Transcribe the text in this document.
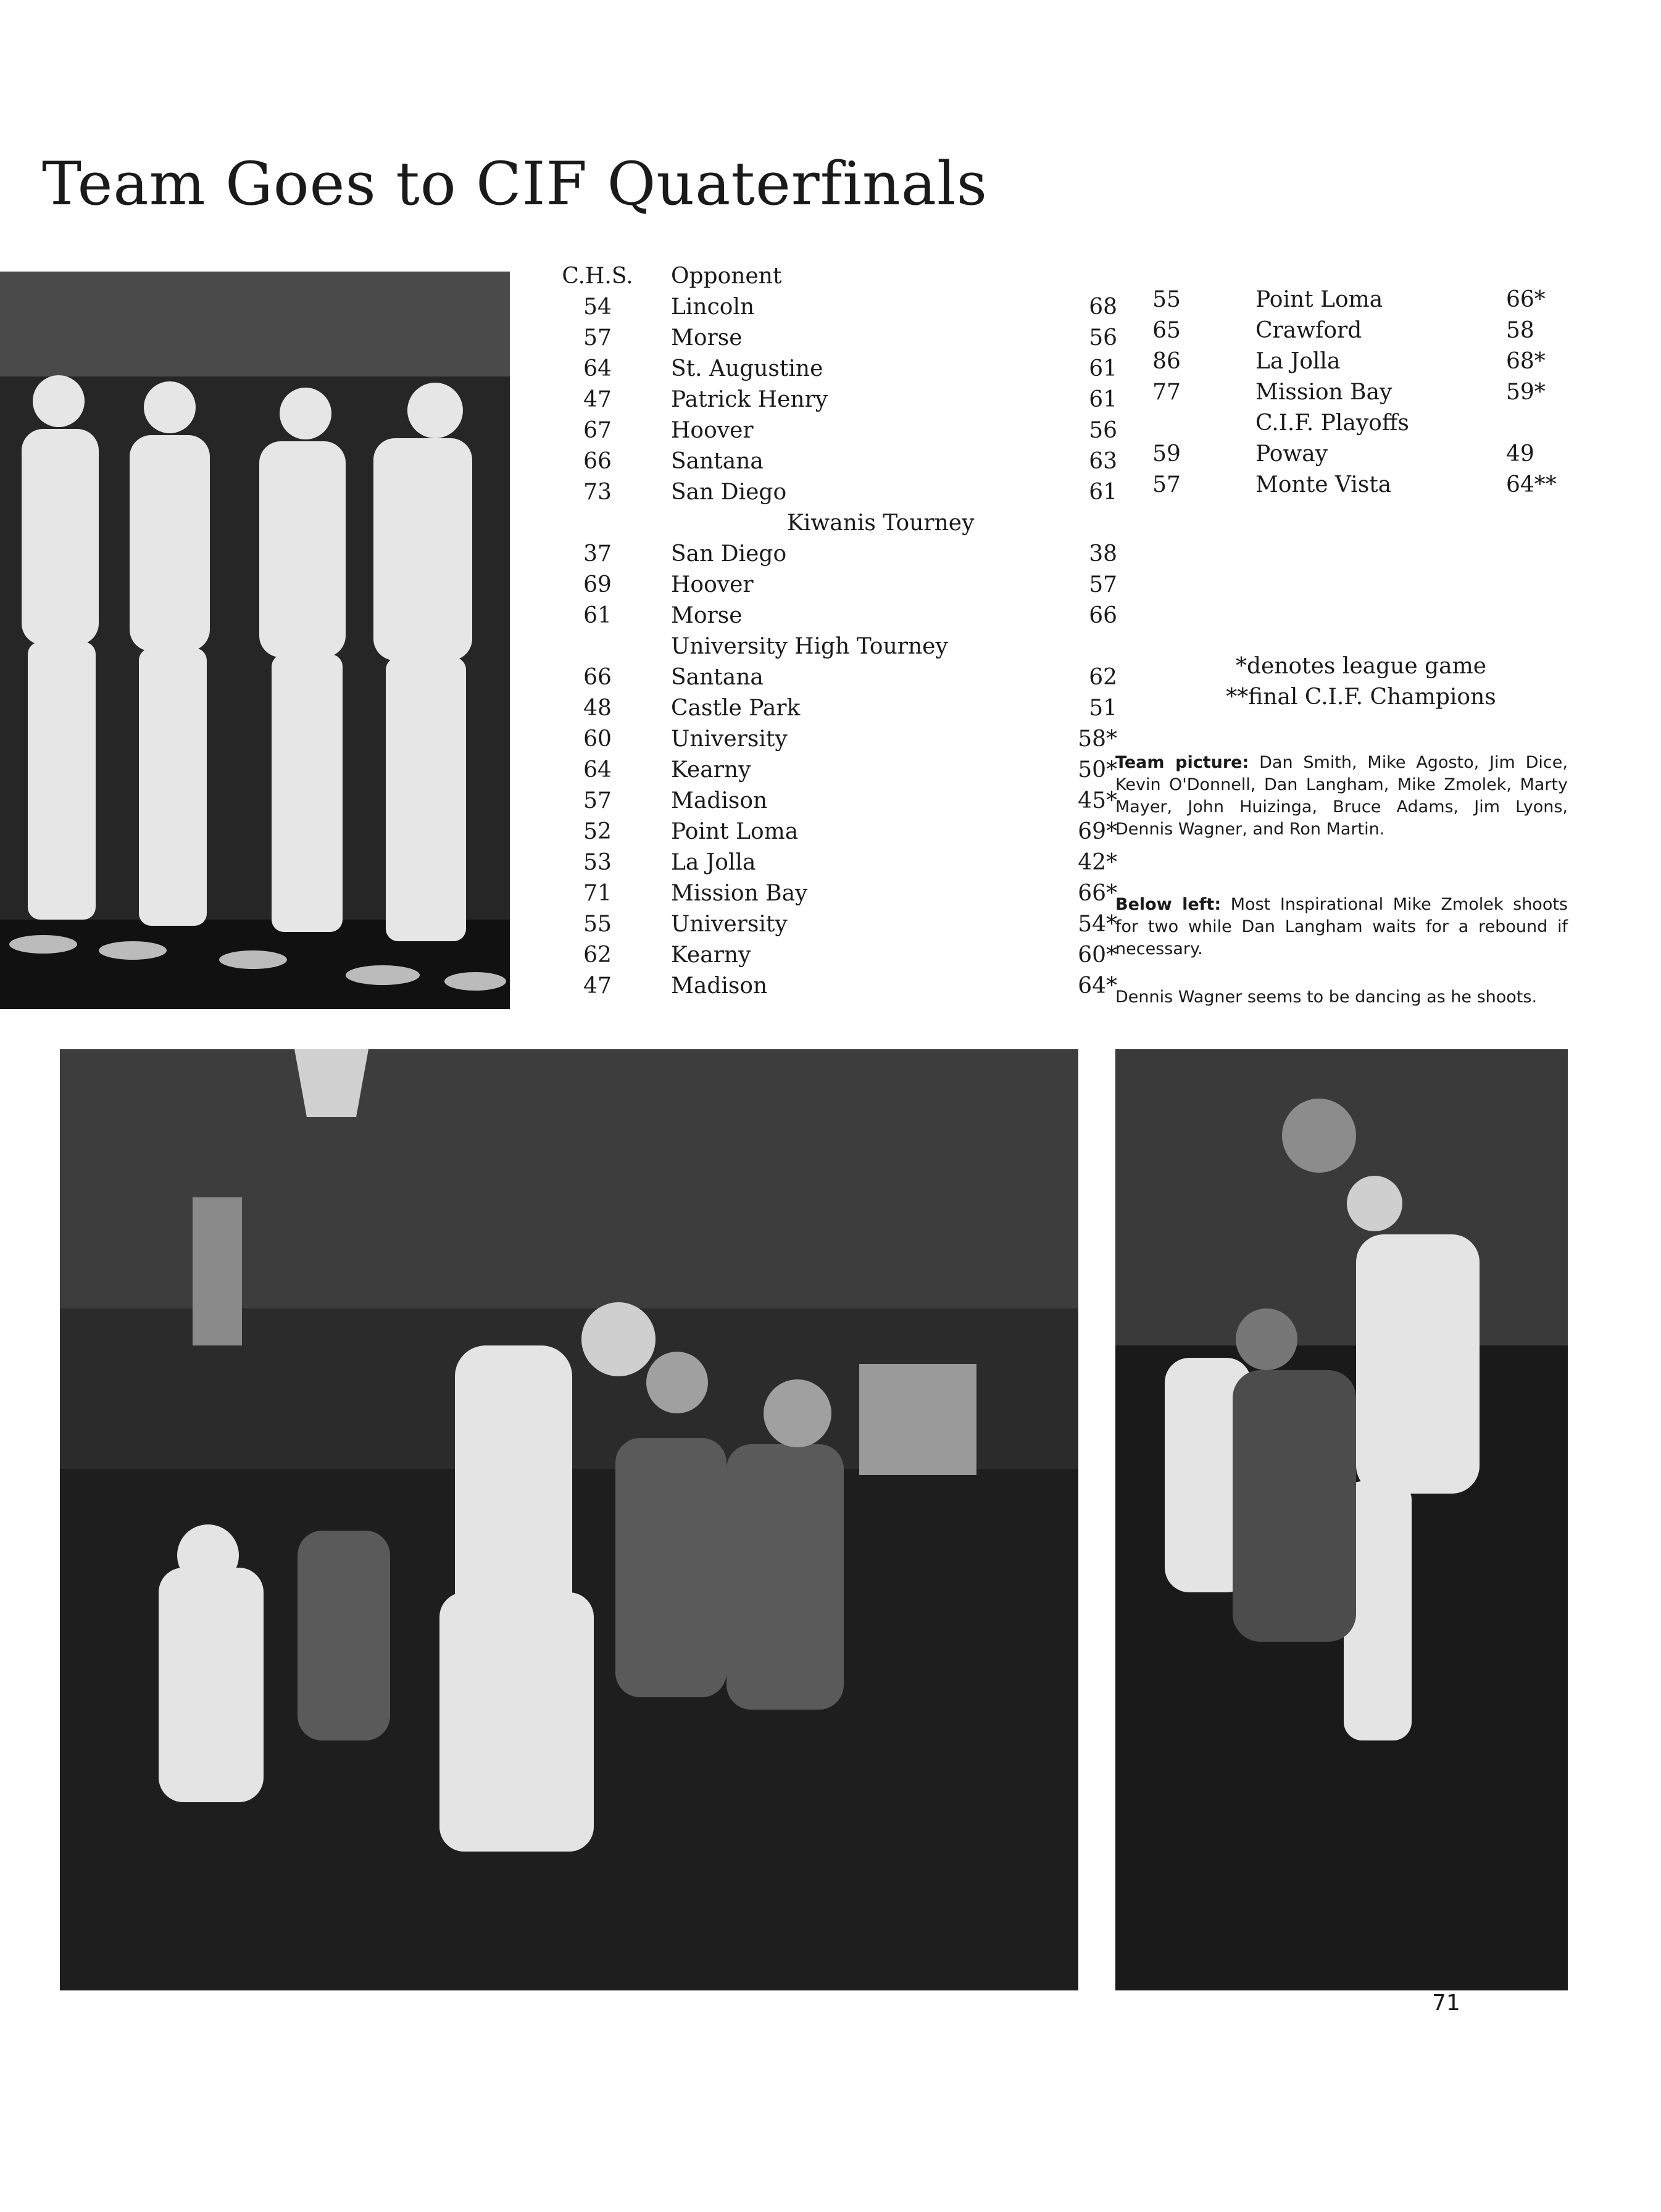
Team Goes to CIF Quaterfinals
C.H.S.
54
57
64
47
67
66
73
37
69
61
66
48
60
64
57
52
53
71
55
62
47
Opponent
Lincoln
Morse
St. Augustine
Patrick Henry
Hoover
Santana
San Diego
Kiwanis Tourney
San Diego
Hoover
Morse
University High Tourney
Santana
Castle Park
University
Kearny
Madison
Point Loma
La Jolla
Mission Bay
University
Kearny
Madison
68
56
61
61
56
63
61
38
57
66
62
51
58*
50*
45*
69*
42*
66*
54*
60*
64*
55
65
86
77
59
57
Point Loma
Crawford
La Jolla
Mission Bay
C.I.F. Playoffs
Poway
Monte Vista
66*
58
68*
59*
49
64**
*denotes league game
**final C.I.F. Champions
Team picture: Dan Smith, Mike Agosto, Jim Dice, Kevin O'Donnell, Dan Langham, Mike Zmolek, Marty Mayer, John Huizinga, Bruce Adams, Jim Lyons, Dennis Wagner, and Ron Martin.
Below left: Most Inspirational Mike Zmolek shoots for two while Dan Langham waits for a rebound if necessary.
Dennis Wagner seems to be dancing as he shoots.
71
